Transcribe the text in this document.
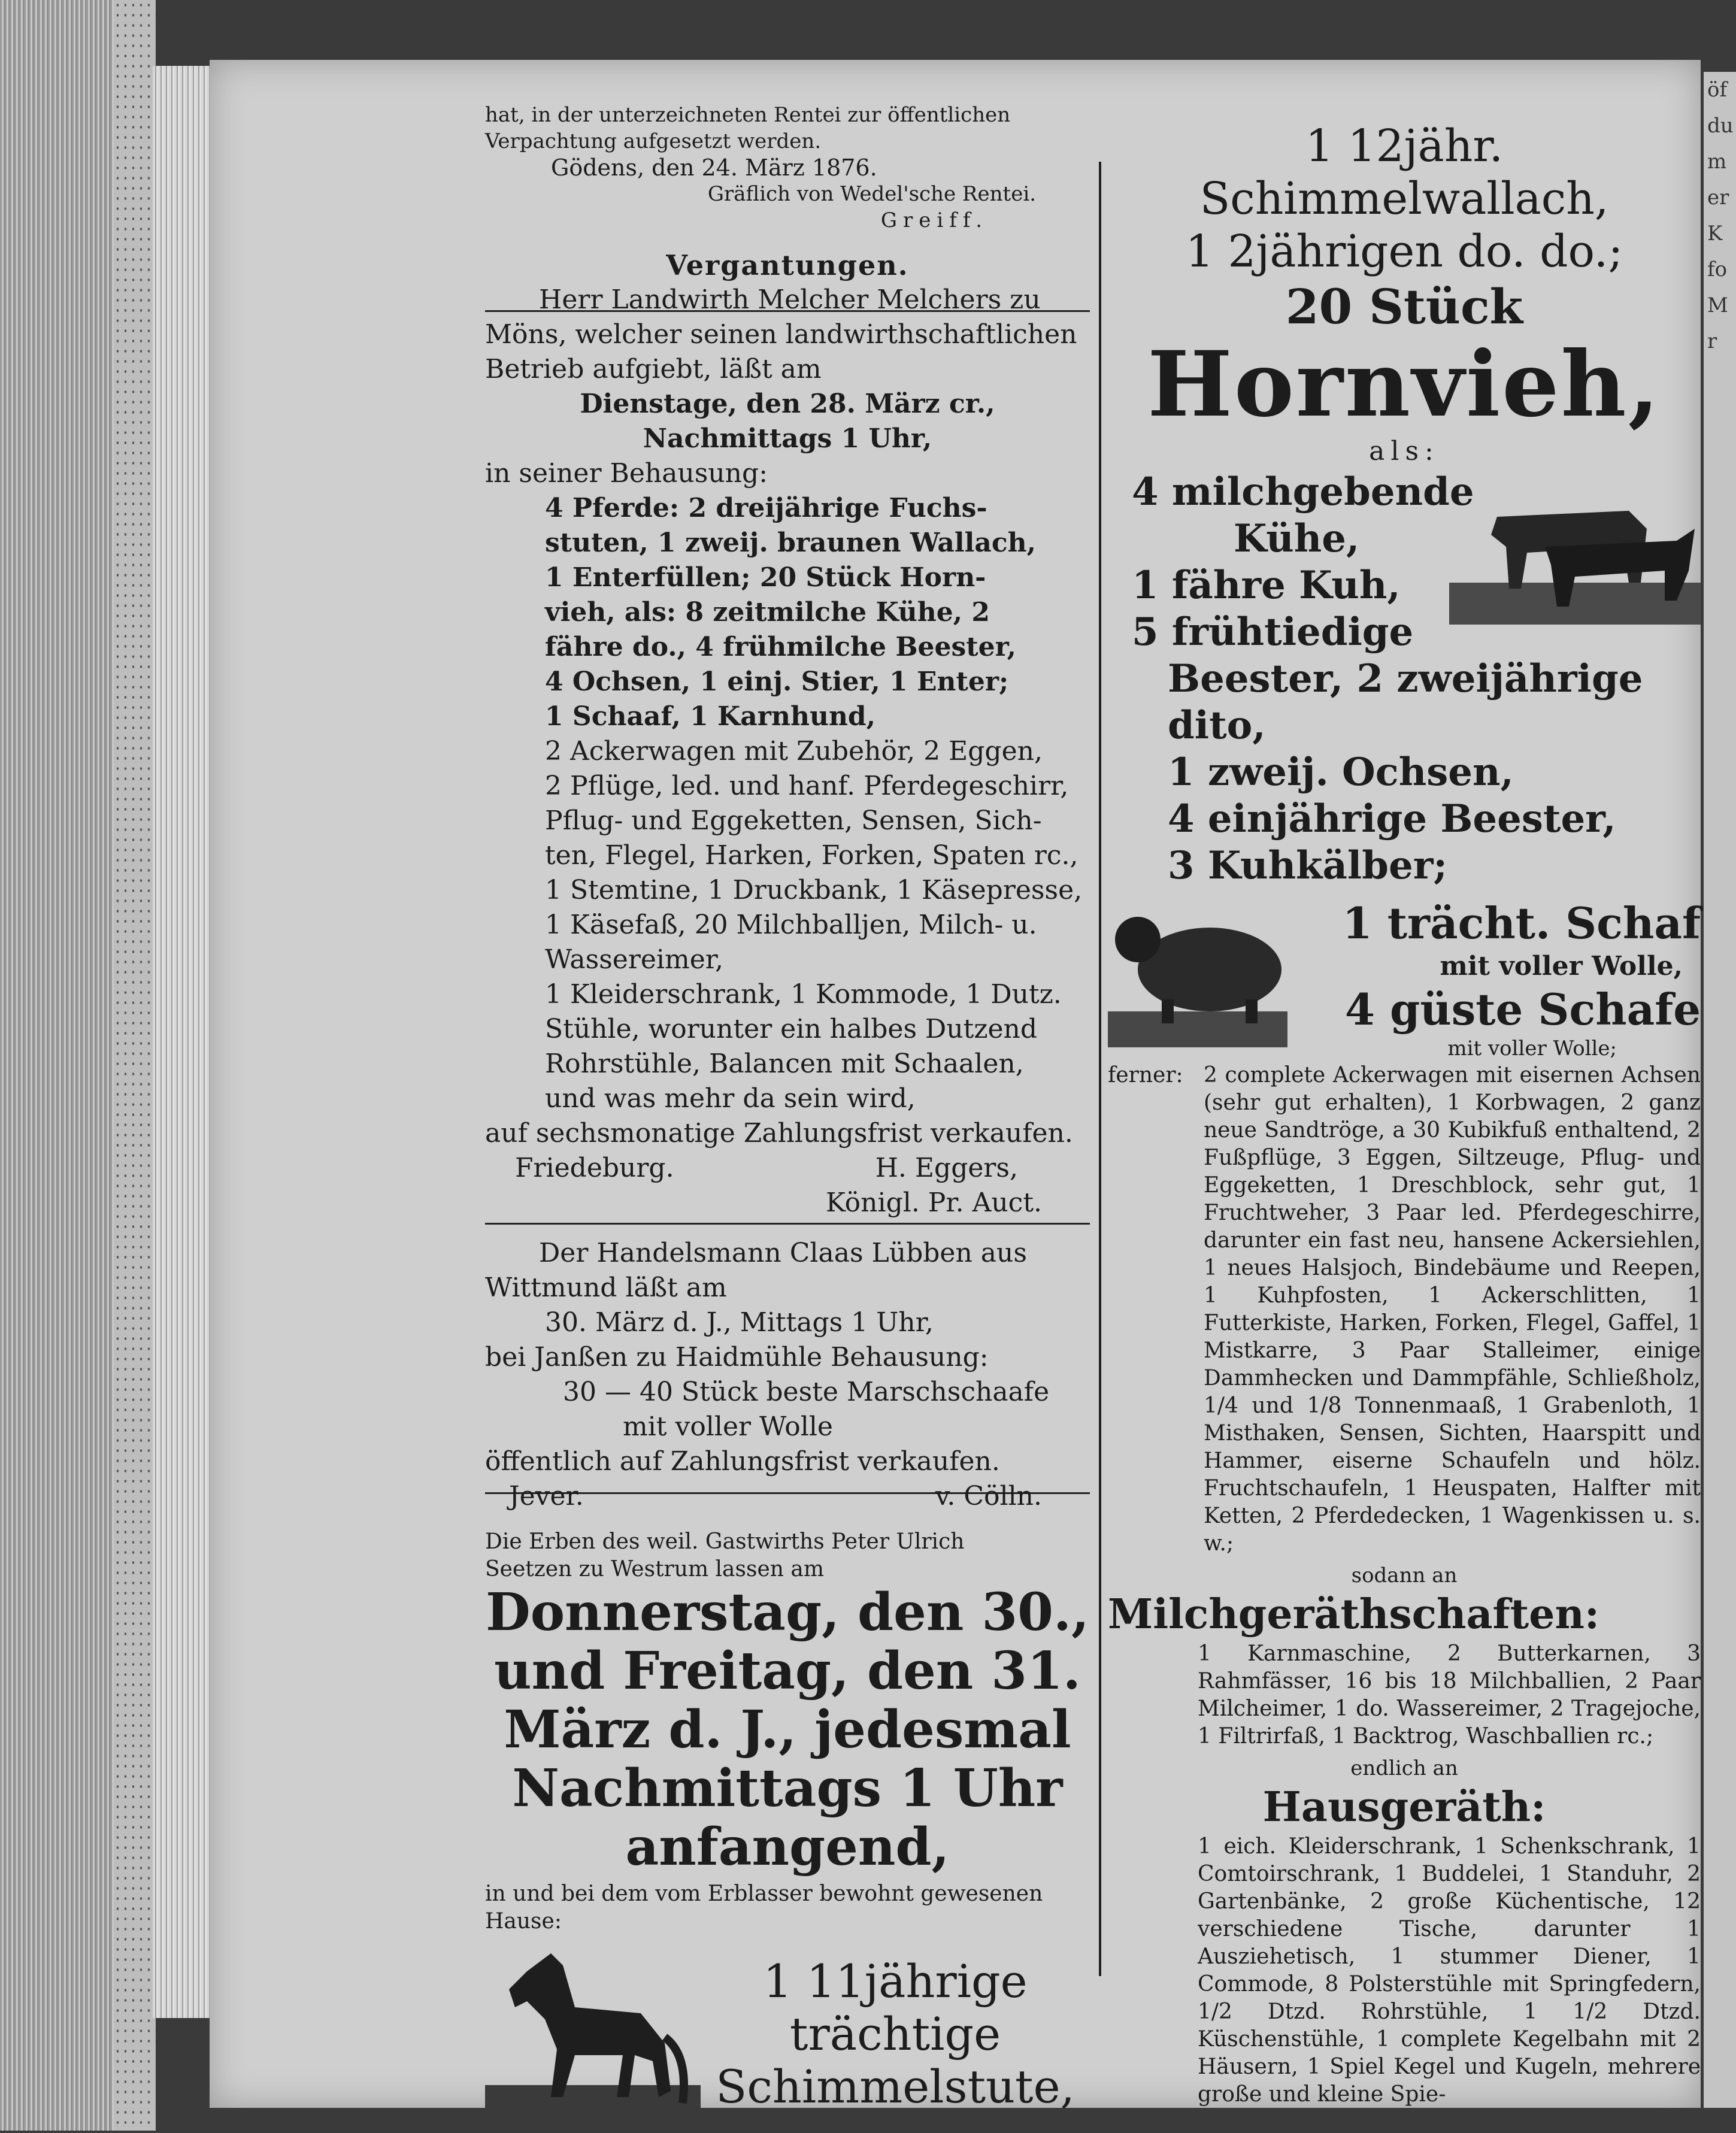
öf
du
m
er
K
fo
M
r

hat, in der unterzeichneten Rentei zur öffentlichen

Verpachtung aufgesetzt werden.

Gödens, den 24. März 1876.

Gräflich von Wedel'sche Rentei.

Greiff.

Vergantungen.

Herr Landwirth Melcher Melchers zu

Möns, welcher seinen landwirthschaftlichen

Betrieb aufgiebt, läßt am

Dienstage, den 28. März cr.,

Nachmittags 1 Uhr,

in seiner Behausung:

4 Pferde: 2 dreijährige Fuchs-

stuten, 1 zweij. braunen Wallach,

1 Enterfüllen; 20 Stück Horn-

vieh, als: 8 zeitmilche Kühe, 2

fähre do., 4 frühmilche Beester,

4 Ochsen, 1 einj. Stier, 1 Enter;

1 Schaaf, 1 Karnhund,

2 Ackerwagen mit Zubehör, 2 Eggen,

2 Pflüge, led. und hanf. Pferdegeschirr,

Pflug- und Eggeketten, Sensen, Sich-

ten, Flegel, Harken, Forken, Spaten rc.,

1 Stemtine, 1 Druckbank, 1 Käsepresse,

1 Käsefaß, 20 Milchballjen, Milch- u.

Wassereimer,

1 Kleiderschrank, 1 Kommode, 1 Dutz.

Stühle, worunter ein halbes Dutzend

Rohrstühle, Balancen mit Schaalen,

und was mehr da sein wird,

auf sechsmonatige Zahlungsfrist verkaufen.

Friedeburg.	H. Eggers,

Königl. Pr. Auct.

Der Handelsmann Claas Lübben aus

Wittmund läßt am

30. März d. J., Mittags 1 Uhr,

bei Janßen zu Haidmühle Behausung:

30 — 40 Stück beste Marschschaafe

mit voller Wolle

öffentlich auf Zahlungsfrist verkaufen.

Jever.	v. Cölln.

Die Erben des weil. Gastwirths Peter Ulrich

Seetzen zu Westrum lassen am

Donnerstag, den 30.,

und Freitag, den 31.

März d. J., jedesmal

Nachmittags 1 Uhr

anfangend,

in und bei dem vom Erblasser bewohnt gewesenen

Hause:

1 11jährige

trächtige

Schimmelstute,

1 12jähr. Schimmelwallach,

1 2jährigen do. do.;

20 Stück

Hornvieh,

als:

4 milchgebende

Kühe,

1 fähre Kuh,

5 frühtiedige

Beester, 2 zweijährige dito,

1 zweij. Ochsen,

4 einjährige Beester,

3 Kuhkälber;

1 trächt. Schaf

mit voller Wolle,

4 güste Schafe

mit voller Wolle;

ferner: 2 complete Ackerwagen mit eisernen Achsen (sehr gut erhalten), 1 Korbwagen, 2 ganz neue Sandtröge, a 30 Kubikfuß enthaltend, 2 Fußpflüge, 3 Eggen, Siltzeuge, Pflug- und Eggeketten, 1 Dreschblock, sehr gut, 1 Fruchtweher, 3 Paar led. Pferdegeschirre, darunter ein fast neu, hansene Ackersiehlen, 1 neues Halsjoch, Bindebäume und Reepen, 1 Kuhpfosten, 1 Ackerschlitten, 1 Futterkiste, Harken, Forken, Flegel, Gaffel, 1 Mistkarre, 3 Paar Stalleimer, einige Dammhecken und Dammpfähle, Schließholz, 1/4 und 1/8 Tonnenmaaß, 1 Grabenloth, 1 Misthaken, Sensen, Sichten, Haarspitt und Hammer, eiserne Schaufeln und hölz. Fruchtschaufeln, 1 Heuspaten, Halfter mit Ketten, 2 Pferdedecken, 1 Wagenkissen u. s. w.;

sodann an

Milchgeräthschaften:

1 Karnmaschine, 2 Butterkarnen, 3 Rahmfässer, 16 bis 18 Milchballien, 2 Paar Milcheimer, 1 do. Wassereimer, 2 Tragejoche, 1 Filtrirfaß, 1 Backtrog, Waschballien rc.;

endlich an

Hausgeräth:

1 eich. Kleiderschrank, 1 Schenkschrank, 1 Comtoirschrank, 1 Buddelei, 1 Standuhr, 2 Gartenbänke, 2 große Küchentische, 12 verschiedene Tische, darunter 1 Ausziehetisch, 1 stummer Diener, 1 Commode, 8 Polsterstühle mit Springfedern, 1/2 Dtzd. Rohrstühle, 1 1/2 Dtzd. Küschenstühle, 1 complete Kegelbahn mit 2 Häusern, 1 Spiel Kegel und Kugeln, mehrere große und kleine Spie-
